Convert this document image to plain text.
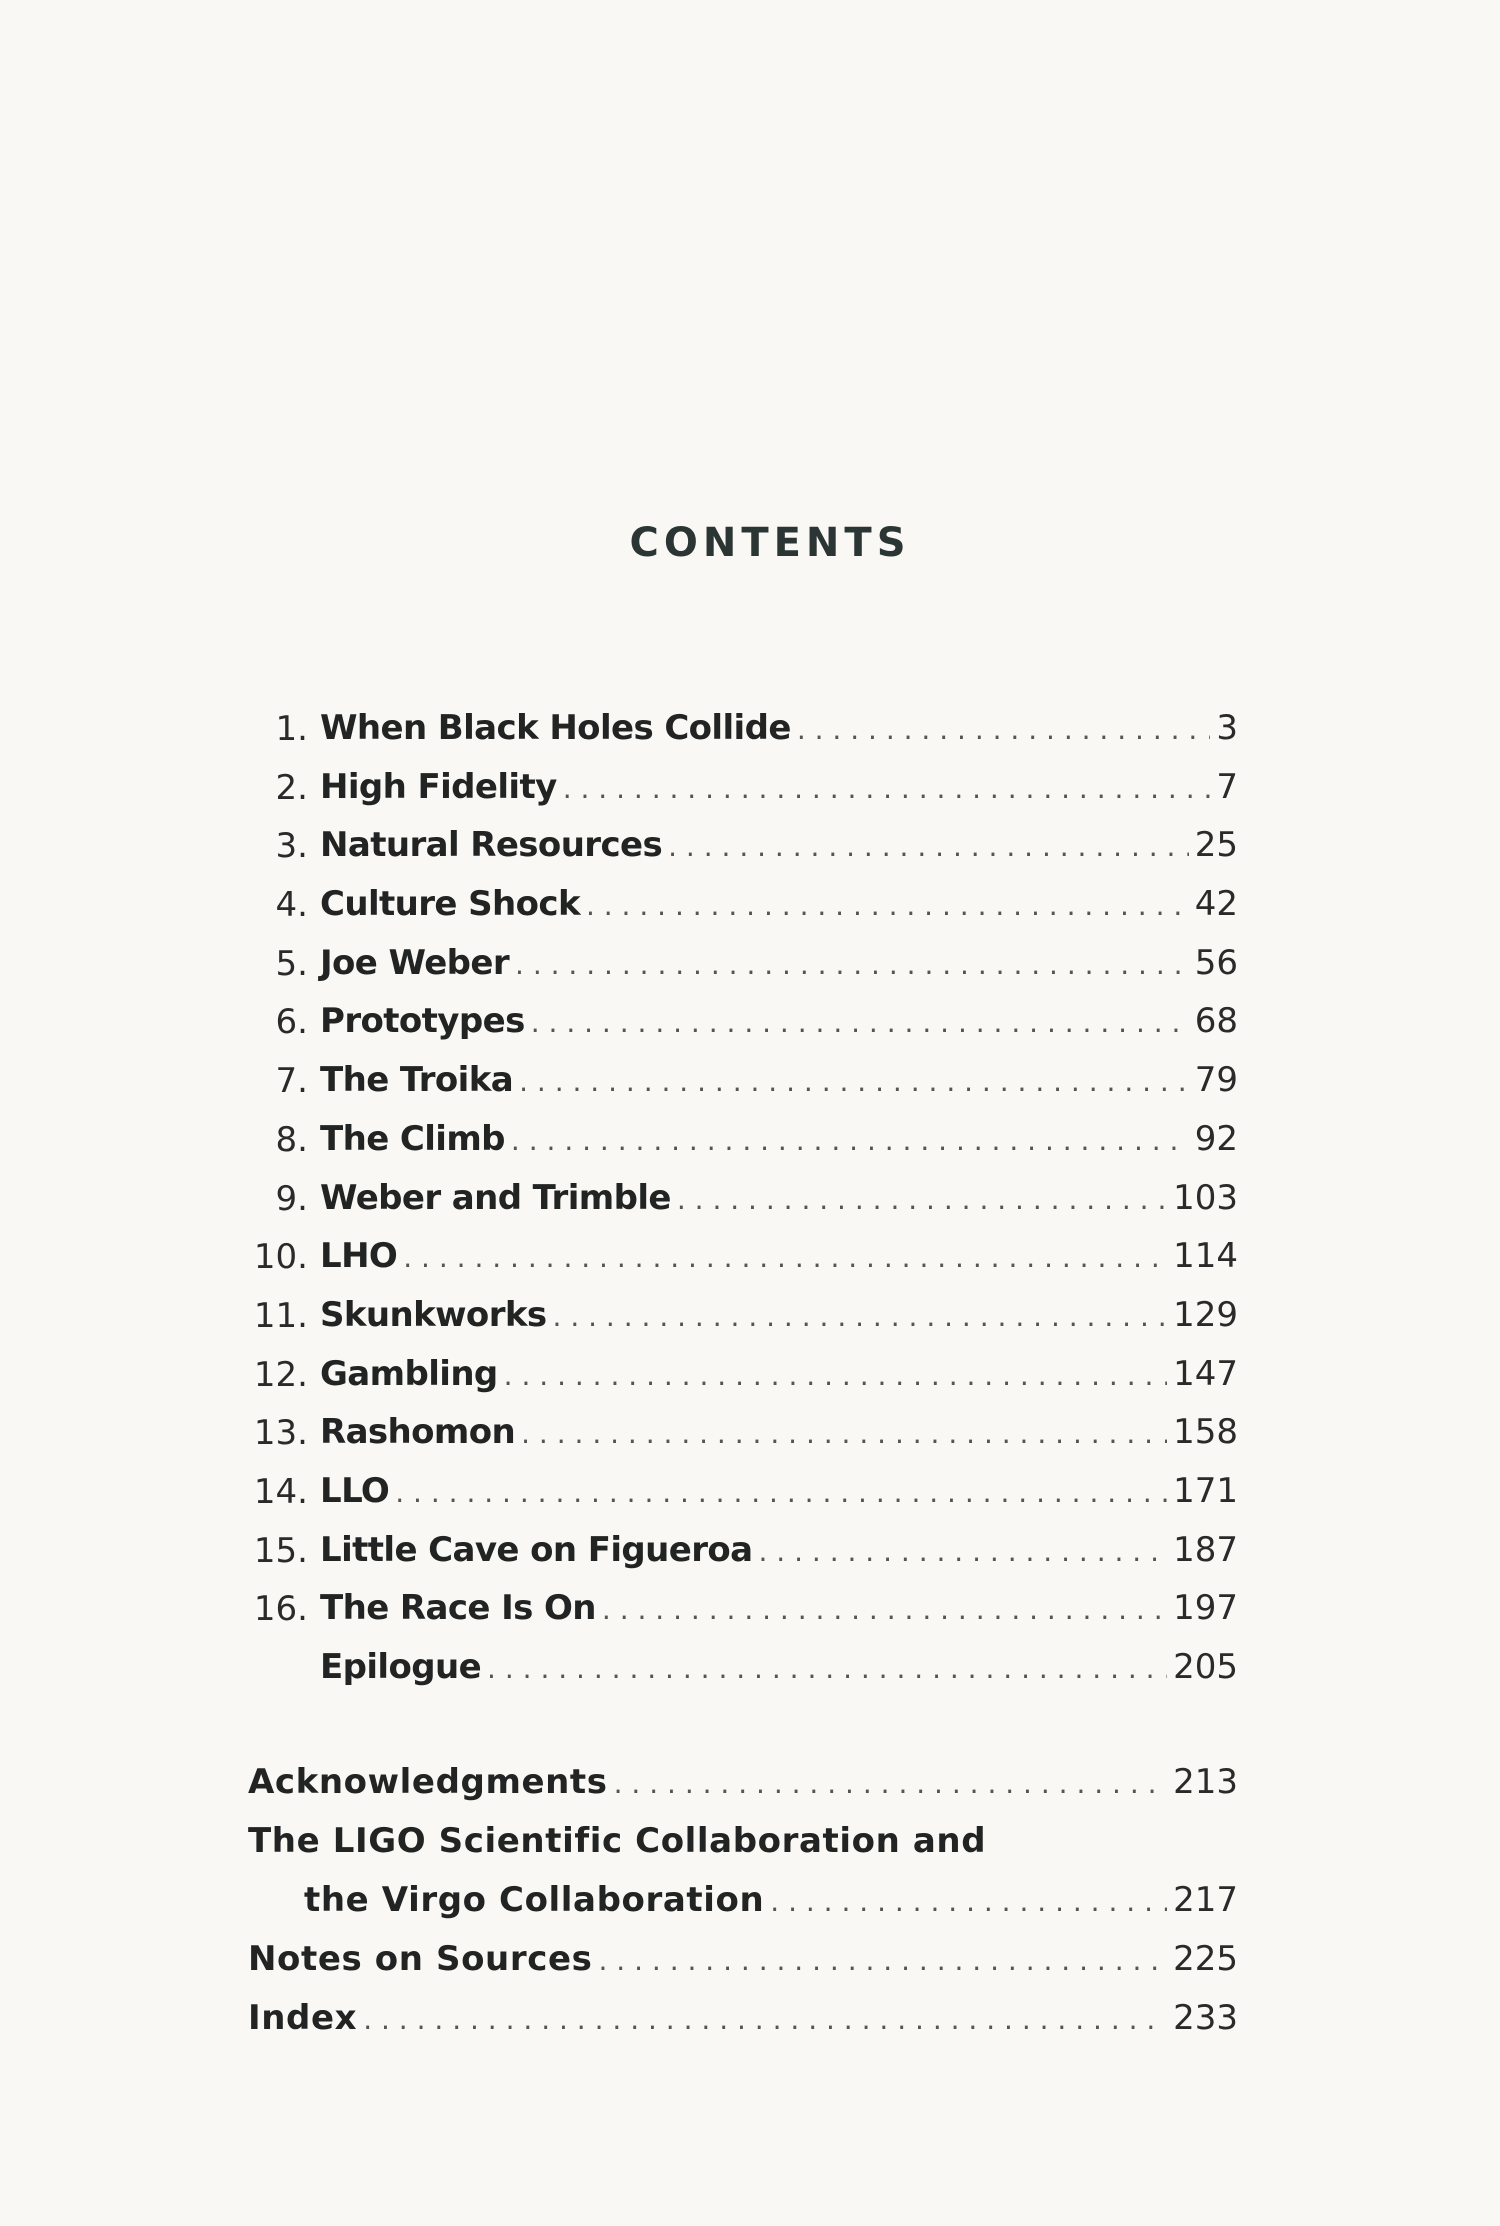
CONTENTS
1. When Black Holes Collide . . .	3
2. High Fidelity . . .	7
3. Natural Resources . . .	25
4. Culture Shock . . .	42
5. Joe Weber . . .	56
6. Prototypes . . .	68
7. The Troika . . .	79
8. The Climb . . .	92
9. Weber and Trimble . . .	103
10. LHO . . .	114
11. Skunkworks . . .	129
12. Gambling . . .	147
13. Rashomon . . .	158
14. LLO . . .	171
15. Little Cave on Figueroa . . .	187
16. The Race Is On . . .	197
Epilogue . . .	205
Acknowledgments . . .	213
The LIGO Scientific Collaboration and
the Virgo Collaboration . . .	217
Notes on Sources . . .	225
Index . . .	233
